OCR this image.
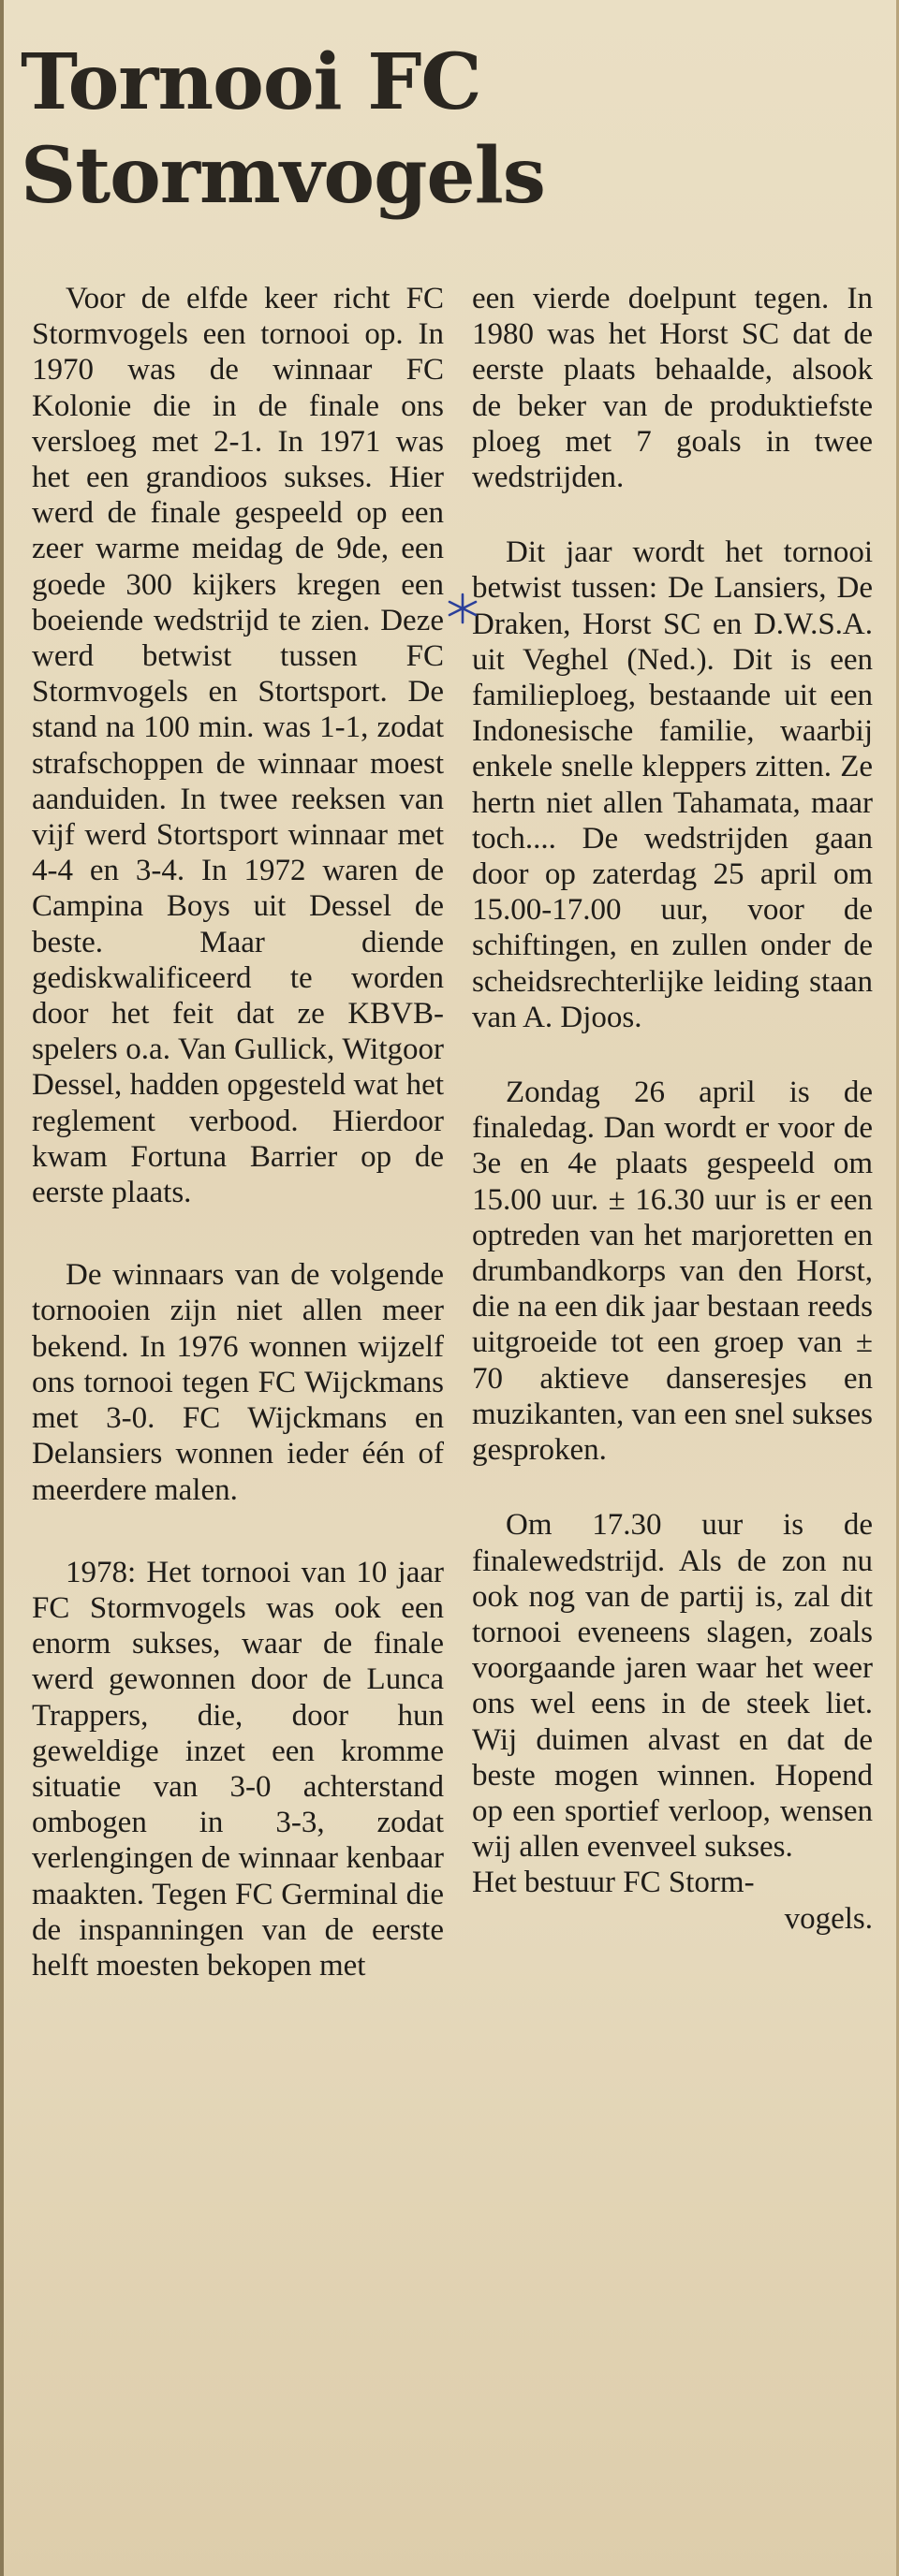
Tornooi FC
Stormvogels

Voor de elfde keer richt FC Stormvogels een tornooi op. In 1970 was de winnaar FC Kolonie die in de finale ons versloeg met 2-1. In 1971 was het een grandioos sukses. Hier werd de finale gespeeld op een zeer warme meidag de 9de, een goede 300 kijkers kregen een boeiende wedstrijd te zien. Deze werd betwist tussen FC Stormvogels en Stortsport. De stand na 100 min. was 1-1, zodat strafschoppen de winnaar moest aanduiden. In twee reeksen van vijf werd Stortsport winnaar met 4-4 en 3-4. In 1972 waren de Campina Boys uit Dessel de beste. Maar diende gediskwalificeerd te worden door het feit dat ze KBVB-spelers o.a. Van Gullick, Witgoor Dessel, hadden opgesteld wat het reglement verbood. Hierdoor kwam Fortuna Barrier op de eerste plaats.

De winnaars van de volgende tornooien zijn niet allen meer bekend. In 1976 wonnen wijzelf ons tornooi tegen FC Wijckmans met 3-0. FC Wijckmans en Delansiers wonnen ieder één of meerdere malen.

1978: Het tornooi van 10 jaar FC Stormvogels was ook een enorm sukses, waar de finale werd gewonnen door de Lunca Trappers, die, door hun geweldige inzet een kromme situatie van 3-0 achterstand ombogen in 3-3, zodat verlengingen de winnaar kenbaar maakten. Tegen FC Germinal die de inspanningen van de eerste helft moesten bekopen met

een vierde doelpunt tegen. In 1980 was het Horst SC dat de eerste plaats behaalde, alsook de beker van de produktiefste ploeg met 7 goals in twee wedstrijden.

Dit jaar wordt het tornooi betwist tussen: De Lansiers, De Draken, Horst SC en D.W.S.A. uit Veghel (Ned.). Dit is een familieploeg, bestaande uit een Indonesische familie, waarbij enkele snelle kleppers zitten. Ze hertn niet allen Tahamata, maar toch.... De wedstrijden gaan door op zaterdag 25 april om 15.00-17.00 uur, voor de schiftingen, en zullen onder de scheidsrechterlijke leiding staan van A. Djoos.

Zondag 26 april is de finaledag. Dan wordt er voor de 3e en 4e plaats gespeeld om 15.00 uur. ± 16.30 uur is er een optreden van het marjoretten en drumbandkorps van den Horst, die na een dik jaar bestaan reeds uitgroeide tot een groep van ± 70 aktieve danseresjes en muzikanten, van een snel sukses gesproken.

Om 17.30 uur is de finalewedstrijd. Als de zon nu ook nog van de partij is, zal dit tornooi eveneens slagen, zoals voorgaande jaren waar het weer ons wel eens in de steek liet. Wij duimen alvast en dat de beste mogen winnen. Hopend op een sportief verloop, wensen wij allen evenveel sukses.

Het bestuur FC Storm-
vogels.
